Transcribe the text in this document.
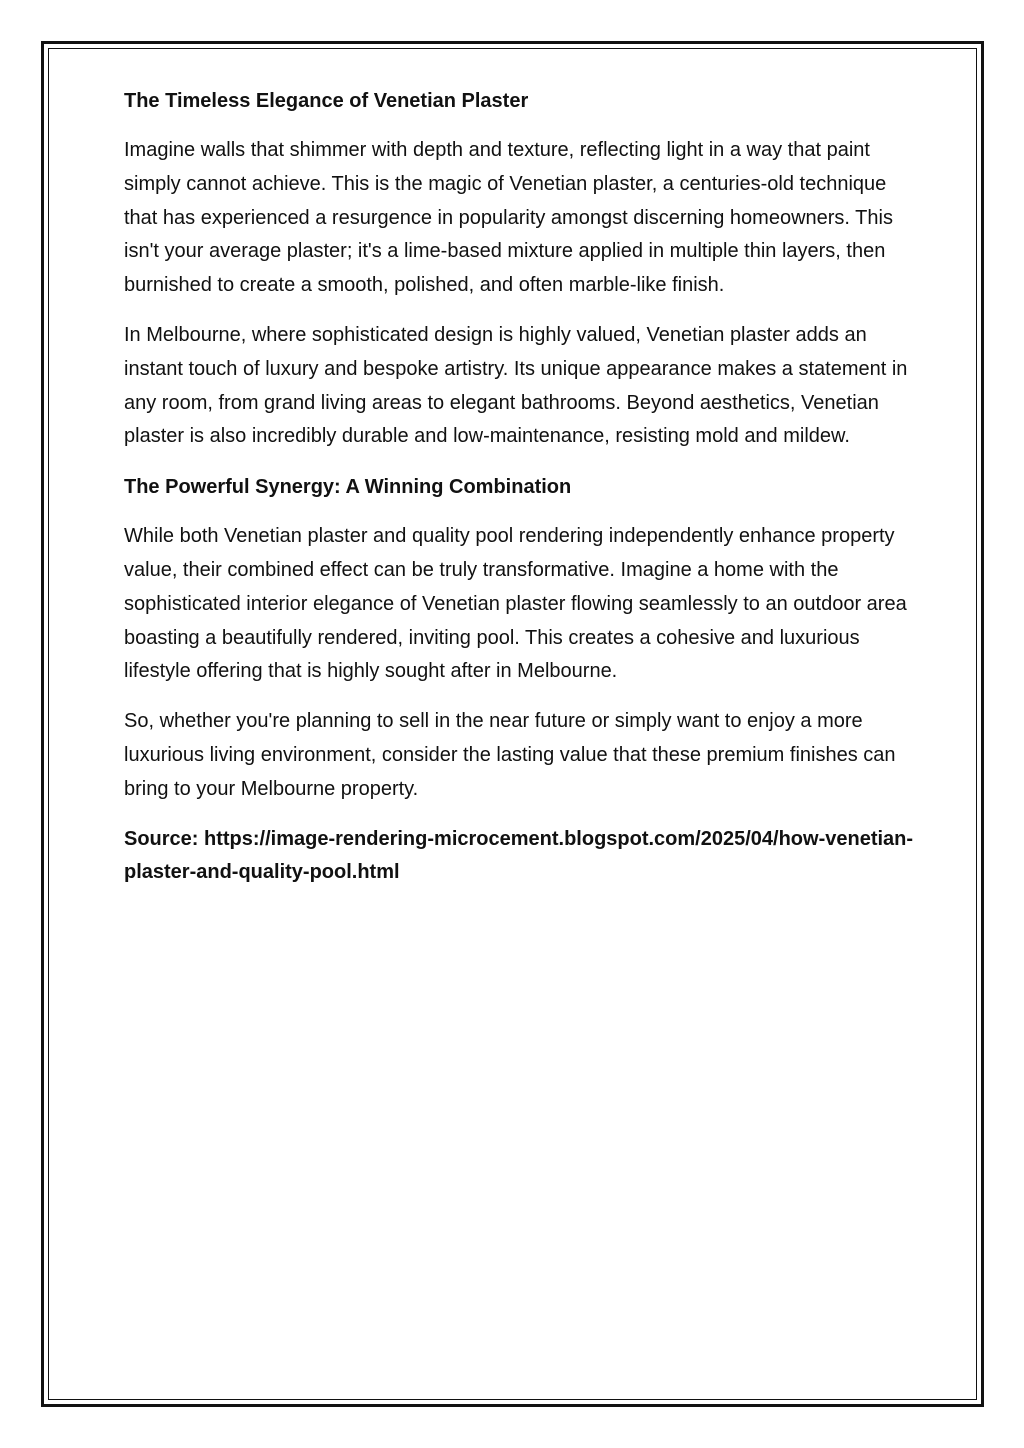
The Timeless Elegance of Venetian Plaster

Imagine walls that shimmer with depth and texture, reflecting light in a way that paint simply cannot achieve. This is the magic of Venetian plaster, a centuries-old technique that has experienced a resurgence in popularity amongst discerning homeowners. This isn't your average plaster; it's a lime-based mixture applied in multiple thin layers, then burnished to create a smooth, polished, and often marble-like finish.

In Melbourne, where sophisticated design is highly valued, Venetian plaster adds an instant touch of luxury and bespoke artistry. Its unique appearance makes a statement in any room, from grand living areas to elegant bathrooms. Beyond aesthetics, Venetian plaster is also incredibly durable and low-maintenance, resisting mold and mildew.

The Powerful Synergy: A Winning Combination

While both Venetian plaster and quality pool rendering independently enhance property value, their combined effect can be truly transformative. Imagine a home with the sophisticated interior elegance of Venetian plaster flowing seamlessly to an outdoor area boasting a beautifully rendered, inviting pool. This creates a cohesive and luxurious lifestyle offering that is highly sought after in Melbourne.

So, whether you're planning to sell in the near future or simply want to enjoy a more luxurious living environment, consider the lasting value that these premium finishes can bring to your Melbourne property.

Source: https://image-rendering-microcement.blogspot.com/2025/04/how-venetian-plaster-and-quality-pool.html
